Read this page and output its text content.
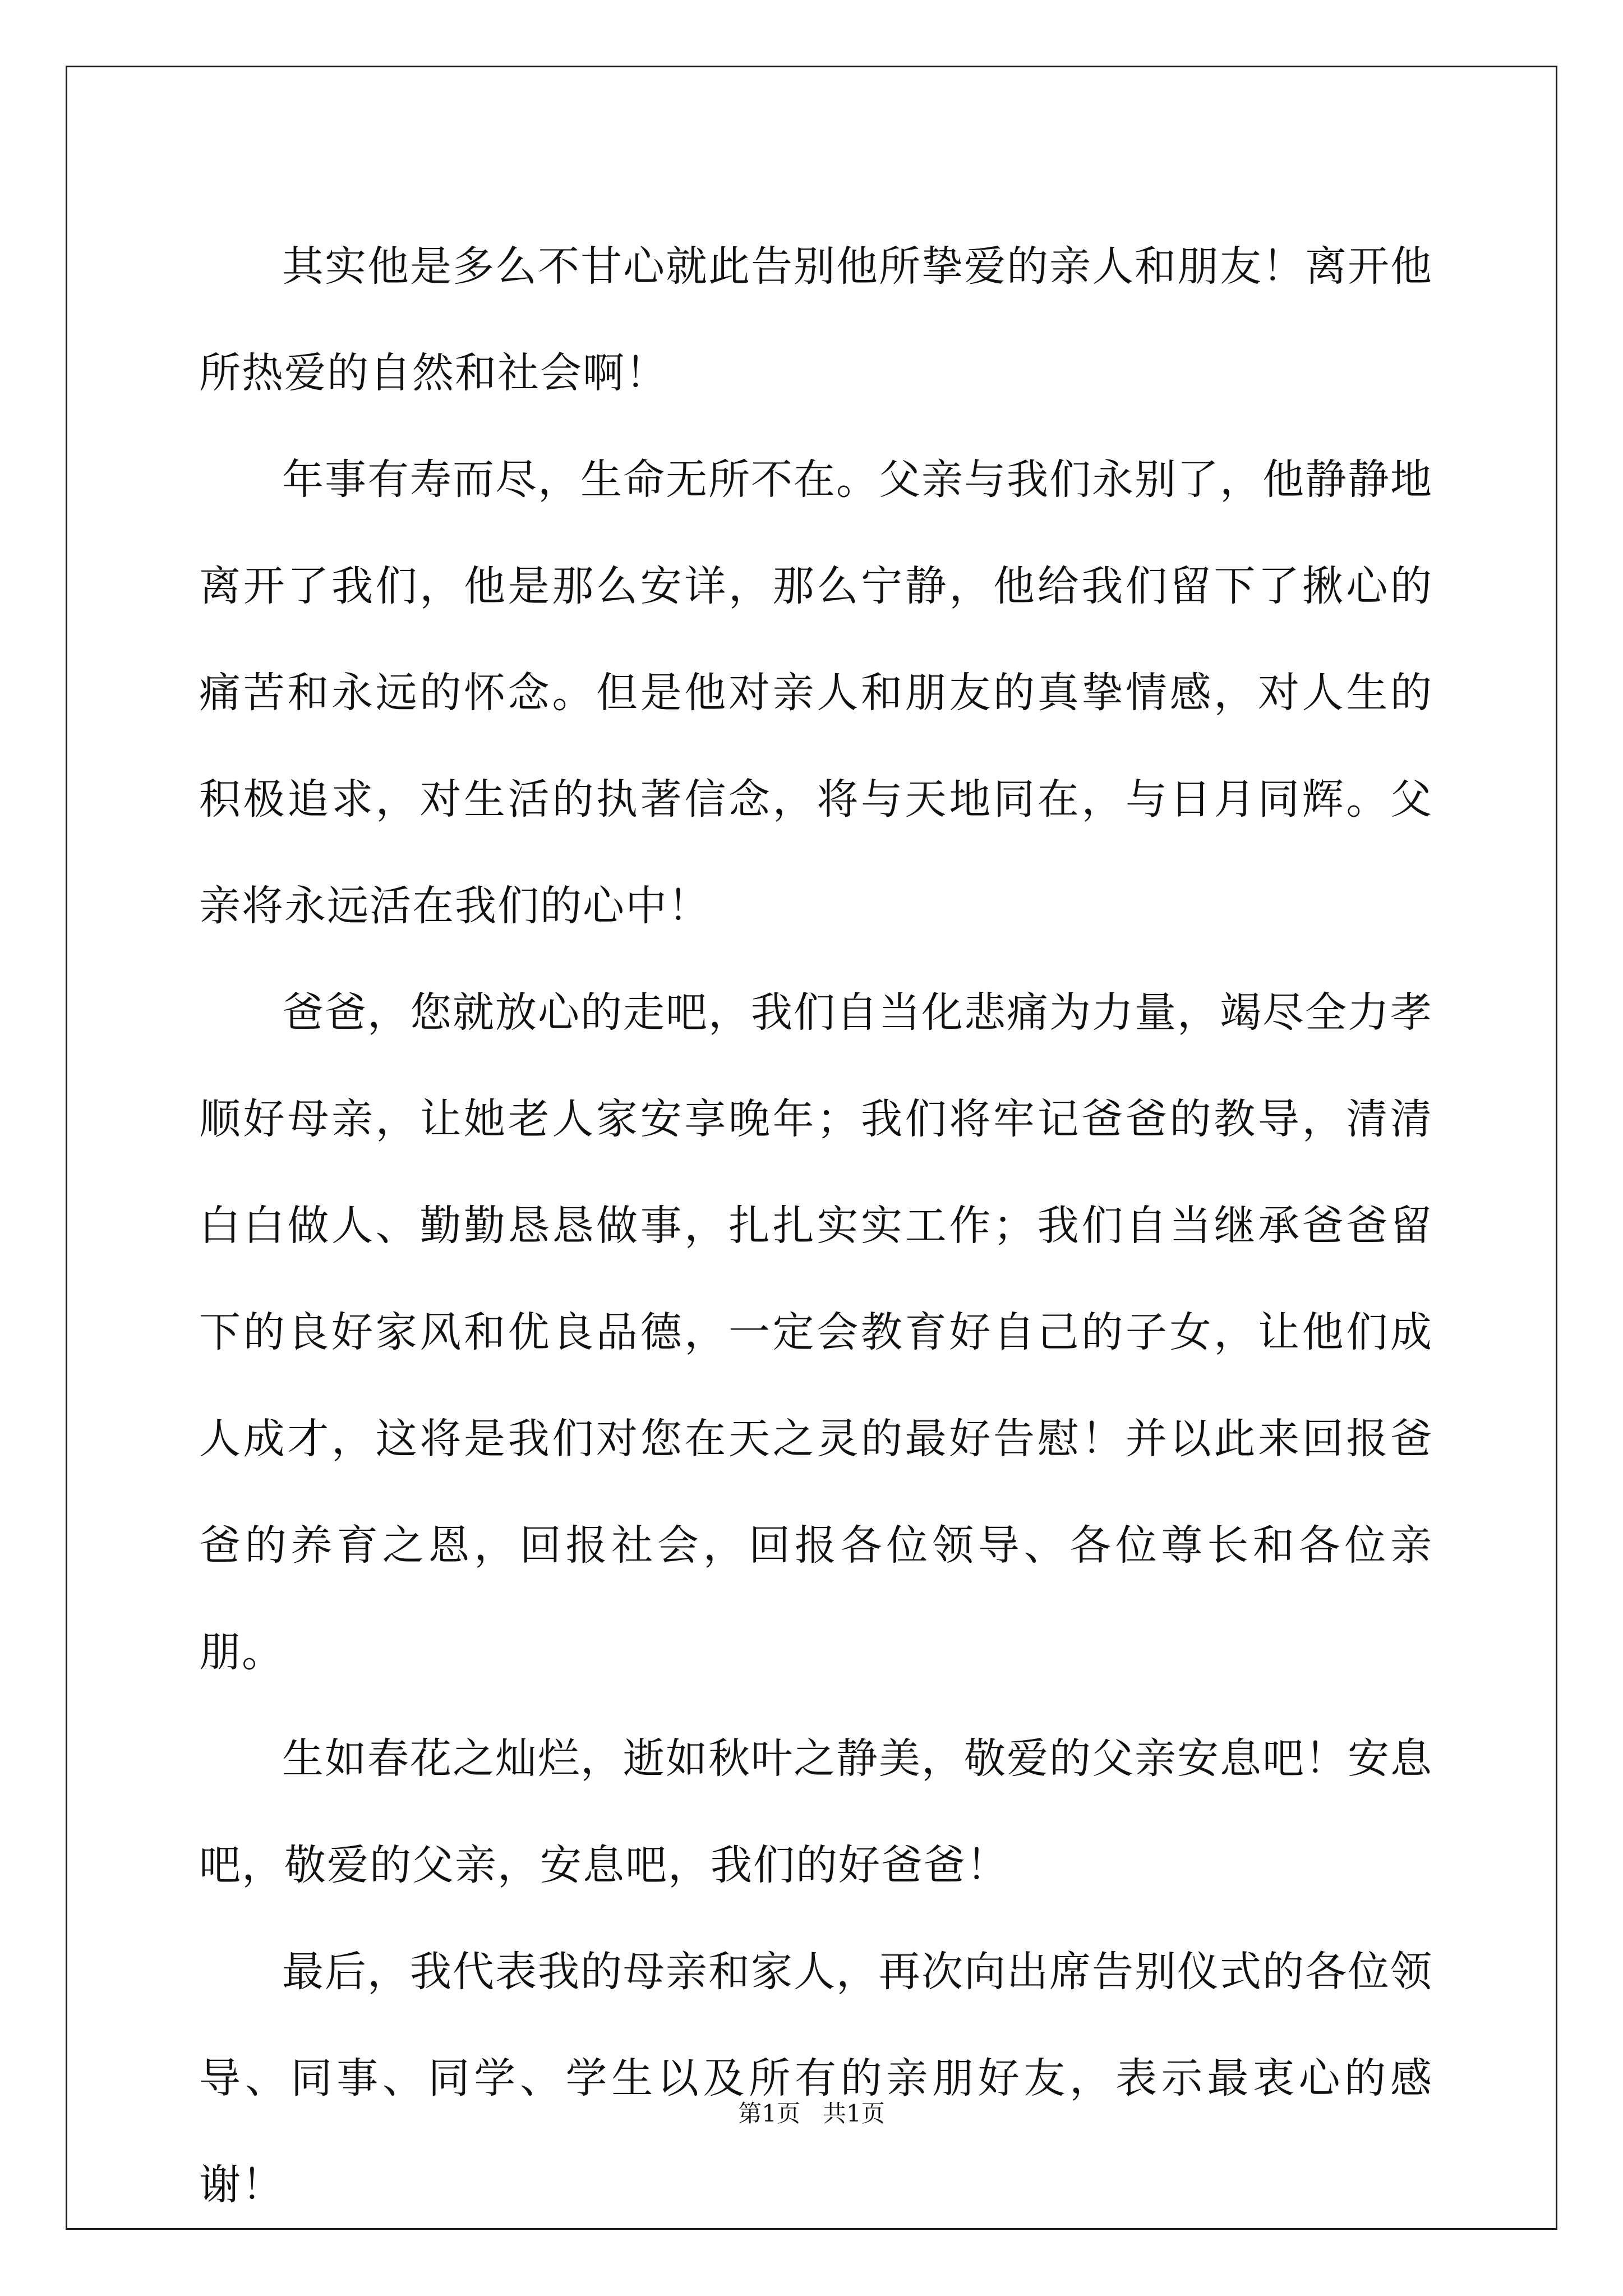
其实他是多么不甘心就此告别他所挚爱的亲人和朋友！离开他所热爱的自然和社会啊！

年事有寿而尽，生命无所不在。父亲与我们永别了，他静静地离开了我们，他是那么安详，那么宁静，他给我们留下了揪心的痛苦和永远的怀念。但是他对亲人和朋友的真挚情感，对人生的积极追求，对生活的执著信念，将与天地同在，与日月同辉。父亲将永远活在我们的心中！

爸爸，您就放心的走吧，我们自当化悲痛为力量，竭尽全力孝顺好母亲，让她老人家安享晚年；我们将牢记爸爸的教导，清清白白做人、勤勤恳恳做事，扎扎实实工作；我们自当继承爸爸留下的良好家风和优良品德，一定会教育好自己的子女，让他们成人成才，这将是我们对您在天之灵的最好告慰！并以此来回报爸爸的养育之恩，回报社会，回报各位领导、各位尊长和各位亲朋。

生如春花之灿烂，逝如秋叶之静美，敬爱的父亲安息吧！安息吧，敬爱的父亲，安息吧，我们的好爸爸！

最后，我代表我的母亲和家人，再次向出席告别仪式的各位领导、同事、同学、学生以及所有的亲朋好友，表示最衷心的感谢！

第1页 共1页
